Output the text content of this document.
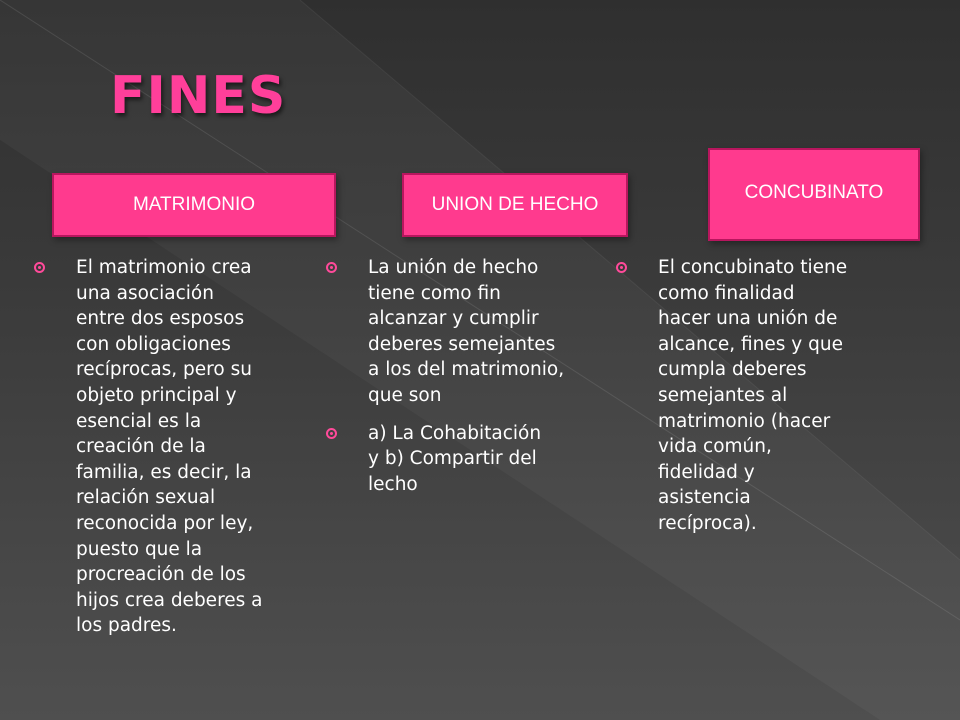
FINES
MATRIMONIO	UNION DE HECHO
CONCUBINATO

El matrimonio crea
una asociación
entre dos esposos
con obligaciones
recíprocas, pero su
objeto principal y
esencial es la
creación de la
familia, es decir, la
relación sexual
reconocida por ley,
puesto que la
procreación de los
hijos crea deberes a
los padres.

La unión de hecho
tiene como fin
alcanzar y cumplir
deberes semejantes
a los del matrimonio,
que son

a) La Cohabitación
y b) Compartir del
lecho

El concubinato tiene
como finalidad
hacer una unión de
alcance, fines y que
cumpla deberes
semejantes al
matrimonio (hacer
vida común,
fidelidad y
asistencia
recíproca).
